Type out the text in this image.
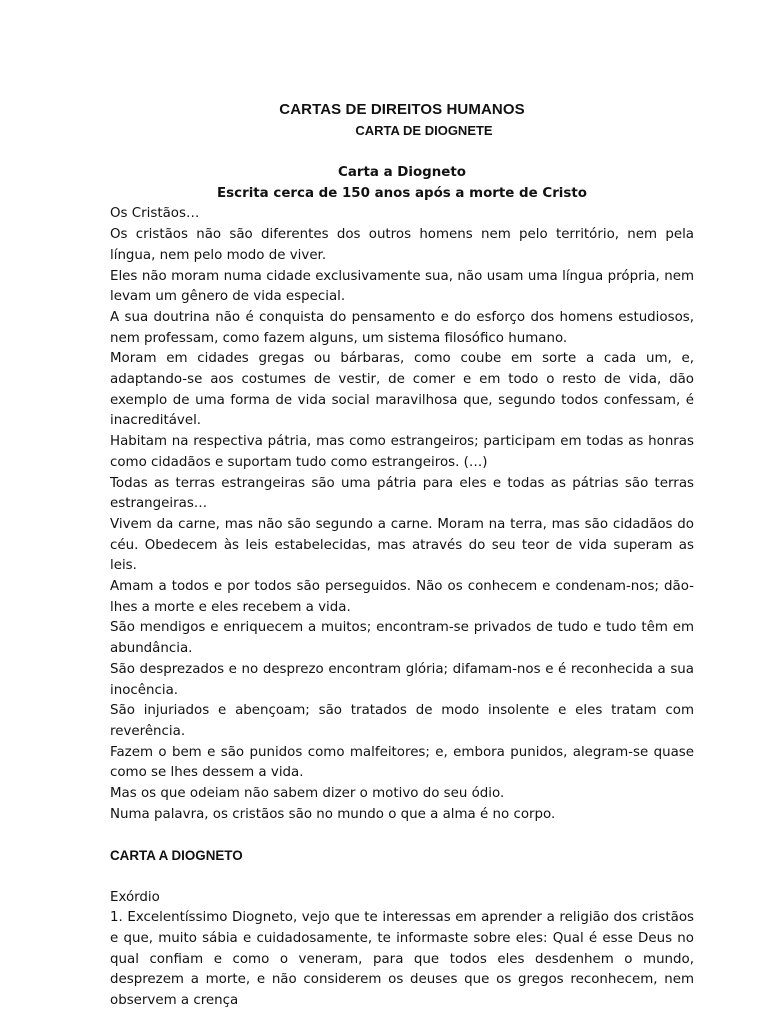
CARTAS DE DIREITOS HUMANOS
CARTA DE DIOGNETE

Carta a Diogneto

Escrita cerca de 150 anos após a morte de Cristo

Os Cristãos…

Os cristãos não são diferentes dos outros homens nem pelo território, nem pela língua, nem pelo modo de viver.

Eles não moram numa cidade exclusivamente sua, não usam uma língua própria, nem levam um gênero de vida especial.

A sua doutrina não é conquista do pensamento e do esforço dos homens estudiosos, nem professam, como fazem alguns, um sistema filosófico humano.

Moram em cidades gregas ou bárbaras, como coube em sorte a cada um, e, adaptando-se aos costumes de vestir, de comer e em todo o resto de vida, dão exemplo de uma forma de vida social maravilhosa que, segundo todos confessam, é inacreditável.

Habitam na respectiva pátria, mas como estrangeiros; participam em todas as honras como cidadãos e suportam tudo como estrangeiros. (…)

Todas as terras estrangeiras são uma pátria para eles e todas as pátrias são terras estrangeiras…

Vivem da carne, mas não são segundo a carne. Moram na terra, mas são cidadãos do céu. Obedecem às leis estabelecidas, mas através do seu teor de vida superam as leis.

Amam a todos e por todos são perseguidos. Não os conhecem e condenam-nos; dão-lhes a morte e eles recebem a vida.

São mendigos e enriquecem a muitos; encontram-se privados de tudo e tudo têm em abundância.

São desprezados e no desprezo encontram glória; difamam-nos e é reconhecida a sua inocência.

São injuriados e abençoam; são tratados de modo insolente e eles tratam com reverência.

Fazem o bem e são punidos como malfeitores; e, embora punidos, alegram-se quase como se lhes dessem a vida.

Mas os que odeiam não sabem dizer o motivo do seu ódio.

Numa palavra, os cristãos são no mundo o que a alma é no corpo.

CARTA A DIOGNETO

Exórdio

1. Excelentíssimo Diogneto, vejo que te interessas em aprender a religião dos cristãos e que, muito sábia e cuidadosamente, te informaste sobre eles: Qual é esse Deus no qual confiam e como o veneram, para que todos eles desdenhem o mundo, desprezem a morte, e não considerem os deuses que os gregos reconhecem, nem observem a crença
